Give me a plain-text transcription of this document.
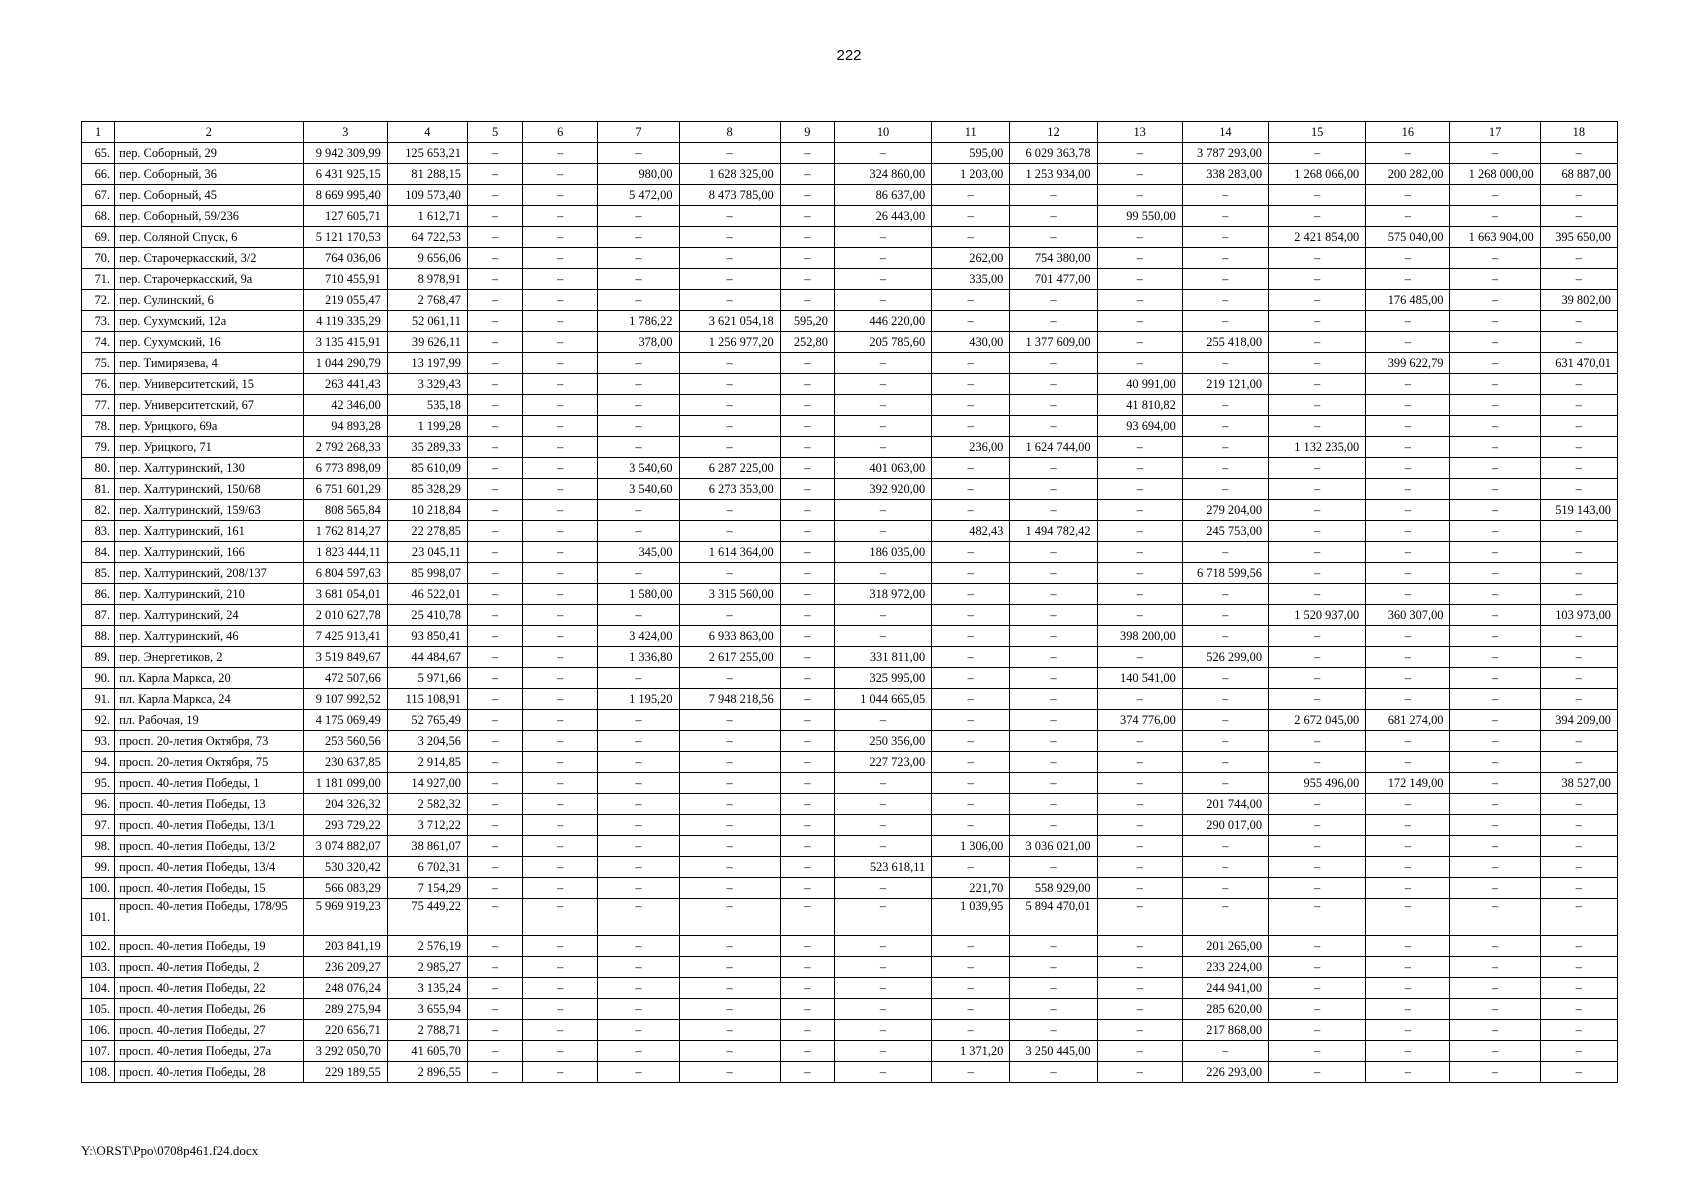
222
1	2	3	4	5	6	7	8	9	10	11	12	13	14	15	16	17	18
65.	пер. Соборный, 29	9 942 309,99	125 653,21	–	–	–	–	–	–	595,00	6 029 363,78	–	3 787 293,00	–	–	–	–
66.	пер. Соборный, 36	6 431 925,15	81 288,15	–	–	980,00	1 628 325,00	–	324 860,00	1 203,00	1 253 934,00	–	338 283,00	1 268 066,00	200 282,00	1 268 000,00	68 887,00
67.	пер. Соборный, 45	8 669 995,40	109 573,40	–	–	5 472,00	8 473 785,00	–	86 637,00	–	–	–	–	–	–	–	–
68.	пер. Соборный, 59/236	127 605,71	1 612,71	–	–	–	–	–	26 443,00	–	–	99 550,00	–	–	–	–	–
69.	пер. Соляной Спуск, 6	5 121 170,53	64 722,53	–	–	–	–	–	–	–	–	–	–	2 421 854,00	575 040,00	1 663 904,00	395 650,00
70.	пер. Старочеркасский, 3/2	764 036,06	9 656,06	–	–	–	–	–	–	262,00	754 380,00	–	–	–	–	–	–
71.	пер. Старочеркасский, 9а	710 455,91	8 978,91	–	–	–	–	–	–	335,00	701 477,00	–	–	–	–	–	–
72.	пер. Сулинский, 6	219 055,47	2 768,47	–	–	–	–	–	–	–	–	–	–	–	176 485,00	–	39 802,00
73.	пер. Сухумский, 12а	4 119 335,29	52 061,11	–	–	1 786,22	3 621 054,18	595,20	446 220,00	–	–	–	–	–	–	–	–
74.	пер. Сухумский, 16	3 135 415,91	39 626,11	–	–	378,00	1 256 977,20	252,80	205 785,60	430,00	1 377 609,00	–	255 418,00	–	–	–	–
75.	пер. Тимирязева, 4	1 044 290,79	13 197,99	–	–	–	–	–	–	–	–	–	–	–	399 622,79	–	631 470,01
76.	пер. Университетский, 15	263 441,43	3 329,43	–	–	–	–	–	–	–	–	40 991,00	219 121,00	–	–	–	–
77.	пер. Университетский, 67	42 346,00	535,18	–	–	–	–	–	–	–	–	41 810,82	–	–	–	–	–
78.	пер. Урицкого, 69а	94 893,28	1 199,28	–	–	–	–	–	–	–	–	93 694,00	–	–	–	–	–
79.	пер. Урицкого, 71	2 792 268,33	35 289,33	–	–	–	–	–	–	236,00	1 624 744,00	–	–	1 132 235,00	–	–	–
80.	пер. Халтуринский, 130	6 773 898,09	85 610,09	–	–	3 540,60	6 287 225,00	–	401 063,00	–	–	–	–	–	–	–	–
81.	пер. Халтуринский, 150/68	6 751 601,29	85 328,29	–	–	3 540,60	6 273 353,00	–	392 920,00	–	–	–	–	–	–	–	–
82.	пер. Халтуринский, 159/63	808 565,84	10 218,84	–	–	–	–	–	–	–	–	–	279 204,00	–	–	–	519 143,00
83.	пер. Халтуринский, 161	1 762 814,27	22 278,85	–	–	–	–	–	–	482,43	1 494 782,42	–	245 753,00	–	–	–	–
84.	пер. Халтуринский, 166	1 823 444,11	23 045,11	–	–	345,00	1 614 364,00	–	186 035,00	–	–	–	–	–	–	–	–
85.	пер. Халтуринский, 208/137	6 804 597,63	85 998,07	–	–	–	–	–	–	–	–	–	6 718 599,56	–	–	–	–
86.	пер. Халтуринский, 210	3 681 054,01	46 522,01	–	–	1 580,00	3 315 560,00	–	318 972,00	–	–	–	–	–	–	–	–
87.	пер. Халтуринский, 24	2 010 627,78	25 410,78	–	–	–	–	–	–	–	–	–	–	1 520 937,00	360 307,00	–	103 973,00
88.	пер. Халтуринский, 46	7 425 913,41	93 850,41	–	–	3 424,00	6 933 863,00	–	–	–	–	398 200,00	–	–	–	–	–
89.	пер. Энергетиков, 2	3 519 849,67	44 484,67	–	–	1 336,80	2 617 255,00	–	331 811,00	–	–	–	526 299,00	–	–	–	–
90.	пл. Карла Маркса, 20	472 507,66	5 971,66	–	–	–	–	–	325 995,00	–	–	140 541,00	–	–	–	–	–
91.	пл. Карла Маркса, 24	9 107 992,52	115 108,91	–	–	1 195,20	7 948 218,56	–	1 044 665,05	–	–	–	–	–	–	–	–
92.	пл. Рабочая, 19	4 175 069,49	52 765,49	–	–	–	–	–	–	–	–	374 776,00	–	2 672 045,00	681 274,00	–	394 209,00
93.	просп. 20-летия Октября, 73	253 560,56	3 204,56	–	–	–	–	–	250 356,00	–	–	–	–	–	–	–	–
94.	просп. 20-летия Октября, 75	230 637,85	2 914,85	–	–	–	–	–	227 723,00	–	–	–	–	–	–	–	–
95.	просп. 40-летия Победы, 1	1 181 099,00	14 927,00	–	–	–	–	–	–	–	–	–	–	955 496,00	172 149,00	–	38 527,00
96.	просп. 40-летия Победы, 13	204 326,32	2 582,32	–	–	–	–	–	–	–	–	–	201 744,00	–	–	–	–
97.	просп. 40-летия Победы, 13/1	293 729,22	3 712,22	–	–	–	–	–	–	–	–	–	290 017,00	–	–	–	–
98.	просп. 40-летия Победы, 13/2	3 074 882,07	38 861,07	–	–	–	–	–	–	1 306,00	3 036 021,00	–	–	–	–	–	–
99.	просп. 40-летия Победы, 13/4	530 320,42	6 702,31	–	–	–	–	–	523 618,11	–	–	–	–	–	–	–	–
100.	просп. 40-летия Победы, 15	566 083,29	7 154,29	–	–	–	–	–	–	221,70	558 929,00	–	–	–	–	–	–
101.	просп. 40-летия Победы, 178/95	5 969 919,23	75 449,22	–	–	–	–	–	–	1 039,95	5 894 470,01	–	–	–	–	–	–
102.	просп. 40-летия Победы, 19	203 841,19	2 576,19	–	–	–	–	–	–	–	–	–	201 265,00	–	–	–	–
103.	просп. 40-летия Победы, 2	236 209,27	2 985,27	–	–	–	–	–	–	–	–	–	233 224,00	–	–	–	–
104.	просп. 40-летия Победы, 22	248 076,24	3 135,24	–	–	–	–	–	–	–	–	–	244 941,00	–	–	–	–
105.	просп. 40-летия Победы, 26	289 275,94	3 655,94	–	–	–	–	–	–	–	–	–	285 620,00	–	–	–	–
106.	просп. 40-летия Победы, 27	220 656,71	2 788,71	–	–	–	–	–	–	–	–	–	217 868,00	–	–	–	–
107.	просп. 40-летия Победы, 27а	3 292 050,70	41 605,70	–	–	–	–	–	–	1 371,20	3 250 445,00	–	–	–	–	–	–
108.	просп. 40-летия Победы, 28	229 189,55	2 896,55	–	–	–	–	–	–	–	–	–	226 293,00	–	–	–	–
Y:\ORST\Ppo\0708p461.f24.docx
